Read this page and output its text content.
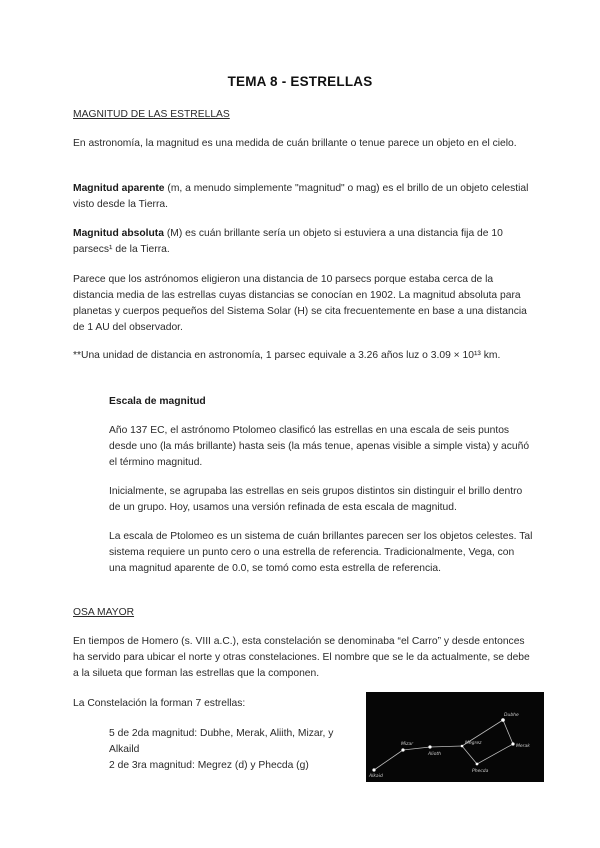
TEMA 8 - ESTRELLAS
MAGNITUD DE LAS ESTRELLAS
En astronomía, la magnitud es una medida de cuán brillante o tenue parece un objeto en el cielo.
Magnitud aparente (m, a menudo simplemente "magnitud" o mag) es el brillo de un objeto celestial visto desde la Tierra.
Magnitud absoluta (M) es cuán brillante sería un objeto si estuviera a una distancia fija de 10 parsecs¹ de la Tierra.
Parece que los astrónomos eligieron una distancia de 10 parsecs porque estaba cerca de la distancia media de las estrellas cuyas distancias se conocían en 1902. La magnitud absoluta para planetas y cuerpos pequeños del Sistema Solar (H) se cita frecuentemente en base a una distancia de 1 AU del observador.
**Una unidad de distancia en astronomía, 1 parsec equivale a 3.26 años luz o 3.09 × 10¹³ km.
Escala de magnitud
Año 137 EC, el astrónomo Ptolomeo clasificó las estrellas en una escala de seis puntos desde uno (la más brillante) hasta seis (la más tenue, apenas visible a simple vista) y acuñó el término magnitud.
Inicialmente, se agrupaba las estrellas en seis grupos distintos sin distinguir el brillo dentro de un grupo. Hoy, usamos una versión refinada de esta escala de magnitud.
La escala de Ptolomeo es un sistema de cuán brillantes parecen ser los objetos celestes. Tal sistema requiere un punto cero o una estrella de referencia. Tradicionalmente, Vega, con una magnitud aparente de 0.0, se tomó como esta estrella de referencia.
OSA MAYOR
En tiempos de Homero (s. VIII a.C.), esta constelación se denominaba “el Carro” y desde entonces ha servido para ubicar el norte y otras constelaciones. El nombre que se le da actualmente, se debe a la silueta que forman las estrellas que la componen.
La Constelación la forman 7 estrellas:
5 de 2da magnitud: Dubhe, Merak, Aliith, Mizar, y Alkaild
2 de 3ra magnitud: Megrez (d) y Phecda (g)
Dubhe
Merak
Megrez
Phecda
Alioth
Mizar
Alkaid
